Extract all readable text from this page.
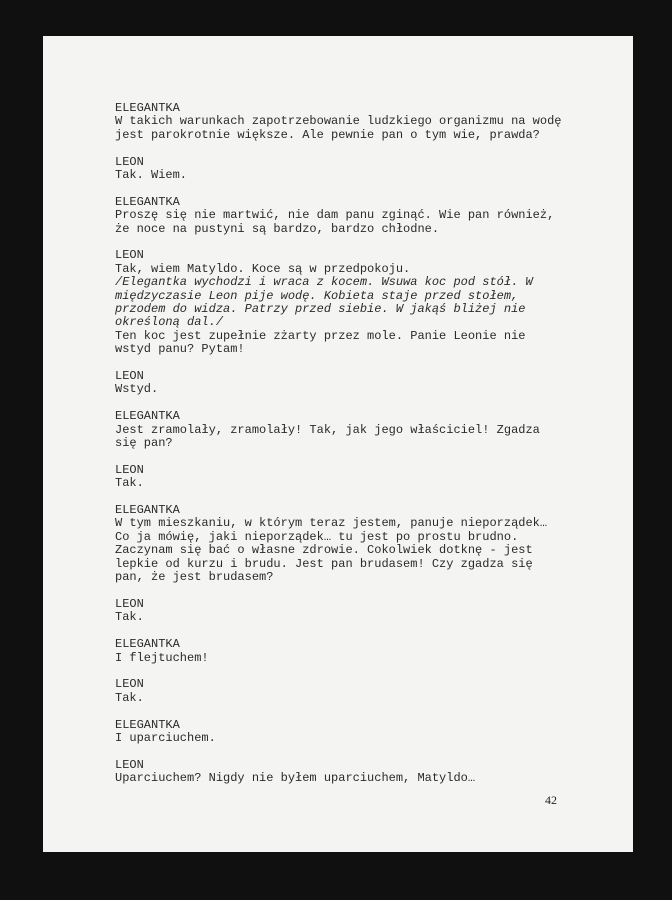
ELEGANTKA
W takich warunkach zapotrzebowanie ludzkiego organizmu na wodę
jest parokrotnie większe. Ale pewnie pan o tym wie, prawda?
LEON
Tak. Wiem.
ELEGANTKA
Proszę się nie martwić, nie dam panu zginąć. Wie pan również,
że noce na pustyni są bardzo, bardzo chłodne.
LEON
Tak, wiem Matyldo. Koce są w przedpokoju.
/Elegantka wychodzi i wraca z kocem. Wsuwa koc pod stół. W
międzyczasie Leon pije wodę. Kobieta staje przed stołem,
przodem do widza. Patrzy przed siebie. W jakąś bliżej nie
określoną dal./
Ten koc jest zupełnie zżarty przez mole. Panie Leonie nie
wstyd panu? Pytam!
LEON
Wstyd.
ELEGANTKA
Jest zramolały, zramolały! Tak, jak jego właściciel! Zgadza
się pan?
LEON
Tak.
ELEGANTKA
W tym mieszkaniu, w którym teraz jestem, panuje nieporządek…
Co ja mówię, jaki nieporządek… tu jest po prostu brudno.
Zaczynam się bać o własne zdrowie. Cokolwiek dotknę - jest
lepkie od kurzu i brudu. Jest pan brudasem! Czy zgadza się
pan, że jest brudasem?
LEON
Tak.
ELEGANTKA
I flejtuchem!
LEON
Tak.
ELEGANTKA
I uparciuchem.
LEON
Uparciuchem? Nigdy nie byłem uparciuchem, Matyldo…
42
